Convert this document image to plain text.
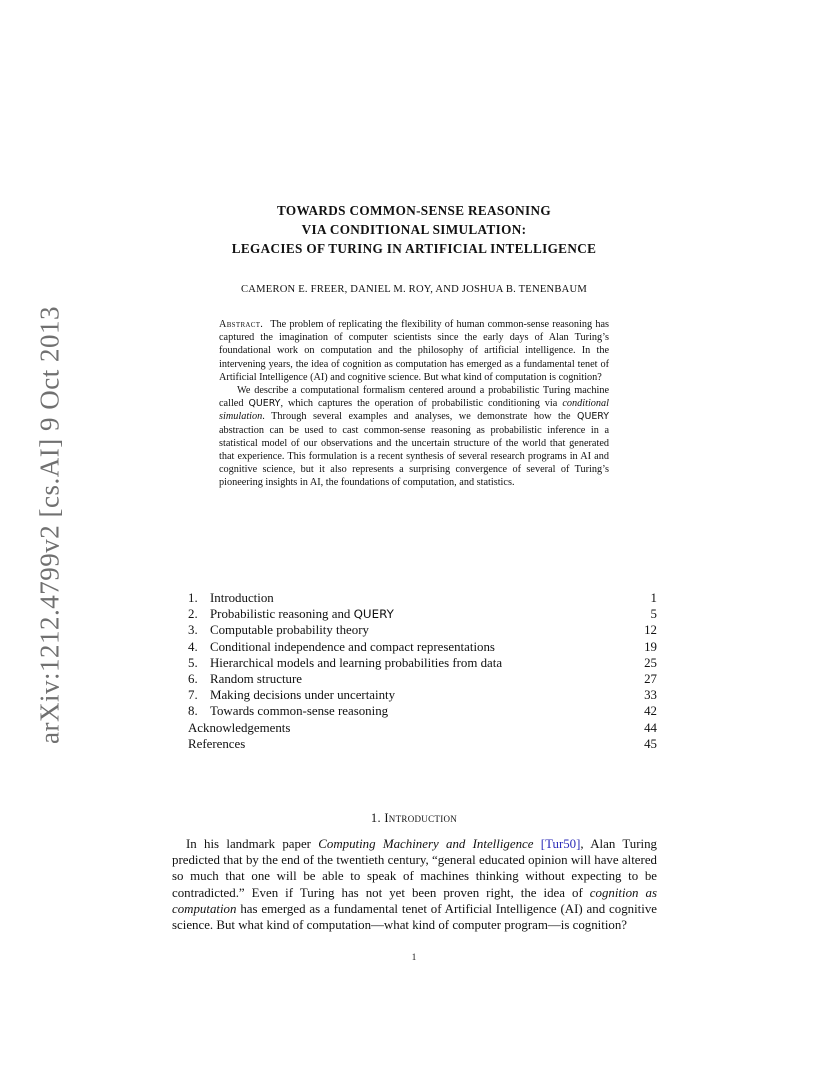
arXiv:1212.4799v2 [cs.AI] 9 Oct 2013
TOWARDS COMMON-SENSE REASONING
VIA CONDITIONAL SIMULATION:
LEGACIES OF TURING IN ARTIFICIAL INTELLIGENCE
CAMERON E. FREER, DANIEL M. ROY, AND JOSHUA B. TENENBAUM

Abstract. The problem of replicating the flexibility of human common-sense reasoning has captured the imagination of computer scientists since the early days of Alan Turing’s foundational work on computation and the philosophy of artificial intelligence. In the intervening years, the idea of cognition as computation has emerged as a fundamental tenet of Artificial Intelligence (AI) and cognitive science. But what kind of computation is cognition?

We describe a computational formalism centered around a probabilistic Turing machine called QUERY, which captures the operation of probabilistic conditioning via conditional simulation. Through several examples and analyses, we demonstrate how the QUERY abstraction can be used to cast common-sense reasoning as probabilistic inference in a statistical model of our observations and the uncertain structure of the world that generated that experience. This formulation is a recent synthesis of several research programs in AI and cognitive science, but it also represents a surprising convergence of several of Turing’s pioneering insights in AI, the foundations of computation, and statistics.

1. Introduction	1
2. Probabilistic reasoning and QUERY	5
3. Computable probability theory	12
4. Conditional independence and compact representations	19
5. Hierarchical models and learning probabilities from data	25
6. Random structure	27
7. Making decisions under uncertainty	33
8. Towards common-sense reasoning	42
Acknowledgements	44
References	45
1. Introduction

In his landmark paper Computing Machinery and Intelligence [Tur50], Alan Turing predicted that by the end of the twentieth century, “general educated opinion will have altered so much that one will be able to speak of machines thinking without expecting to be contradicted.” Even if Turing has not yet been proven right, the idea of cognition as computation has emerged as a fundamental tenet of Artificial Intelligence (AI) and cognitive science. But what kind of computation—what kind of computer program—is cognition?

1
